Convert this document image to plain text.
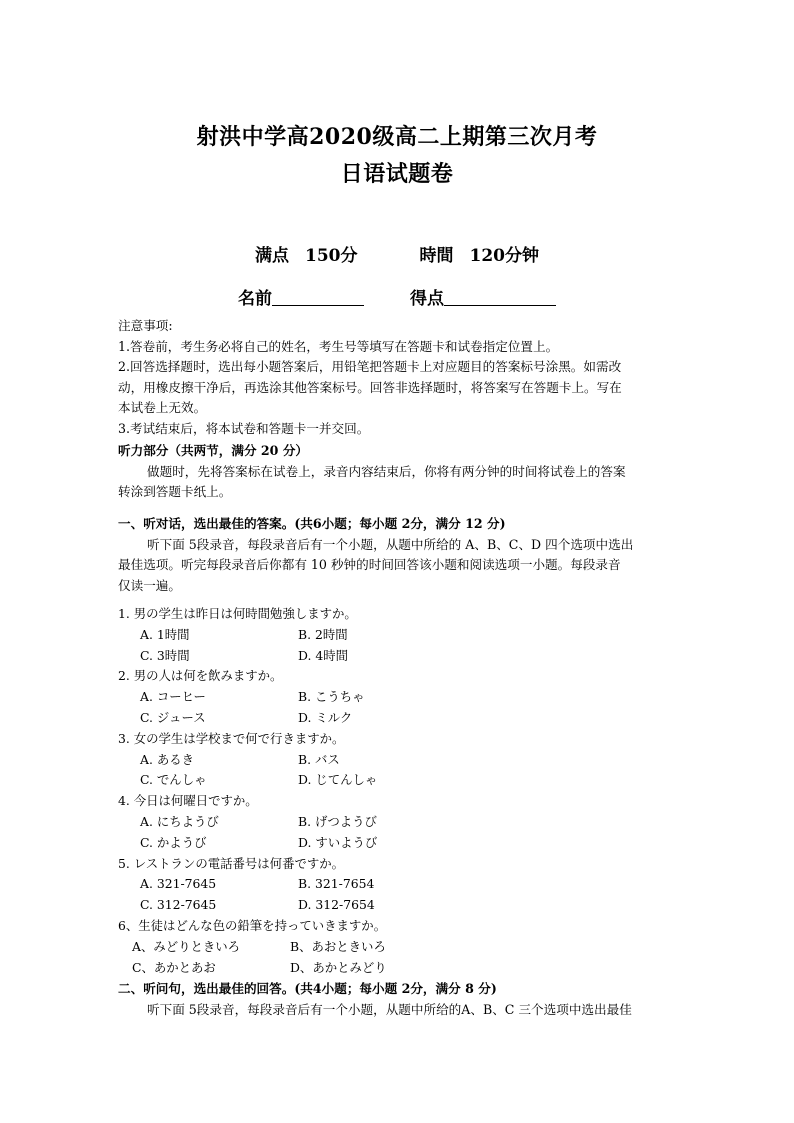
射洪中学高2020级高二上期第三次月考
日语试题卷
满点 150分	時間 120分钟
名前	得点
注意事项:
1.答卷前，考生务必将自己的姓名，考生号等填写在答题卡和试卷指定位置上。
2.回答选择题时，选出每小题答案后，用铅笔把答题卡上对应题目的答案标号涂黑。如需改
动，用橡皮擦干净后，再选涂其他答案标号。回答非选择题时，将答案写在答题卡上。写在
本试卷上无效。
3.考试结束后，将本试卷和答题卡一并交回。
听力部分（共两节，满分 20 分）
做题时，先将答案标在试卷上，录音内容结束后，你将有两分钟的时间将试卷上的答案
转涂到答题卡纸上。
一、听对话，选出最佳的答案。(共6小题；每小题 2分，满分 12 分)
听下面 5段录音，每段录音后有一个小题，从题中所给的 A、B、C、D 四个选项中选出
最佳选项。听完每段录音后你都有 10 秒钟的时间回答该小题和阅读选项一小题。每段录音
仅读一遍。
1. 男の学生は昨日は何時間勉強しますか。
A. 1時間	B. 2時間
C. 3時間	D. 4時間
2. 男の人は何を飲みますか。
A. コーヒー	B. こうちゃ
C. ジュース	D. ミルク
3. 女の学生は学校まで何で行きますか。
A. あるき	B. バス
C. でんしゃ	D. じてんしゃ
4. 今日は何曜日ですか。
A. にちようび	B. げつようび
C. かようび	D. すいようび
5. レストランの電話番号は何番ですか。
A. 321-7645	B. 321-7654
C. 312-7645	D. 312-7654
6、生徒はどんな色の鉛筆を持っていきますか。
A、みどりときいろ	B、あおときいろ
C、あかとあお	D、あかとみどり
二、听问句，选出最佳的回答。(共4小题；每小题 2分，满分 8 分)
听下面 5段录音，每段录音后有一个小题，从题中所给的A、B、C 三个选项中选出最佳
